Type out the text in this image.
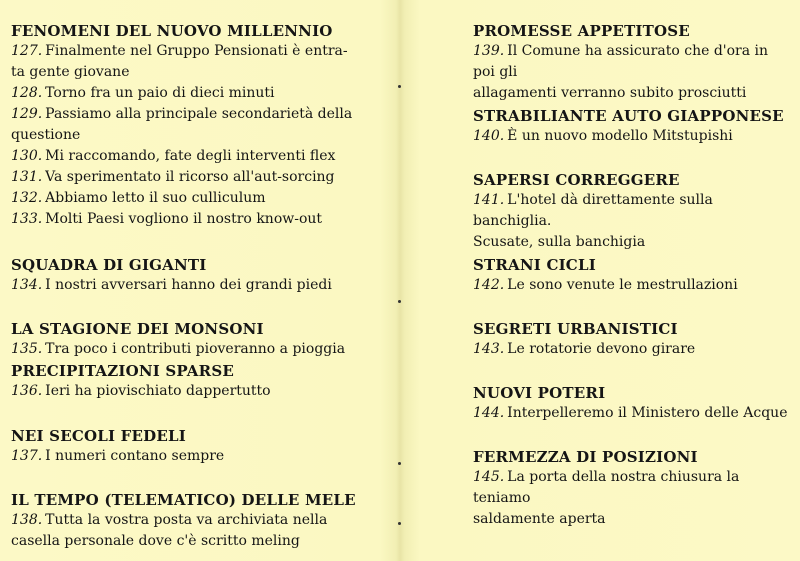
FENOMENI DEL NUOVO MILLENNIO

127. Finalmente nel Gruppo Pensionati è entra-

ta gente giovane

128. Torno fra un paio di dieci minuti

129. Passiamo alla principale secondarietà della

questione

130. Mi raccomando, fate degli interventi flex

131. Va sperimentato il ricorso all'aut-sorcing

132. Abbiamo letto il suo culliculum

133. Molti Paesi vogliono il nostro know-out

SQUADRA DI GIGANTI

134. I nostri avversari hanno dei grandi piedi

LA STAGIONE DEI MONSONI

135. Tra poco i contributi pioveranno a pioggia

PRECIPITAZIONI SPARSE

136. Ieri ha piovischiato dappertutto

NEI SECOLI FEDELI

137. I numeri contano sempre

IL TEMPO (TELEMATICO) DELLE MELE

138. Tutta la vostra posta va archiviata nella

casella personale dove c'è scritto meling

PROMESSE APPETITOSE

139. Il Comune ha assicurato che d'ora in poi gli

allagamenti verranno subito prosciutti

STRABILIANTE AUTO GIAPPONESE

140. È un nuovo modello Mitstupishi

SAPERSI CORREGGERE

141. L'hotel dà direttamente sulla banchiglia.

Scusate, sulla banchigia

STRANI CICLI

142. Le sono venute le mestrullazioni

SEGRETI URBANISTICI

143. Le rotatorie devono girare

NUOVI POTERI

144. Interpelleremo il Ministero delle Acque

FERMEZZA DI POSIZIONI

145. La porta della nostra chiusura la teniamo

saldamente aperta
